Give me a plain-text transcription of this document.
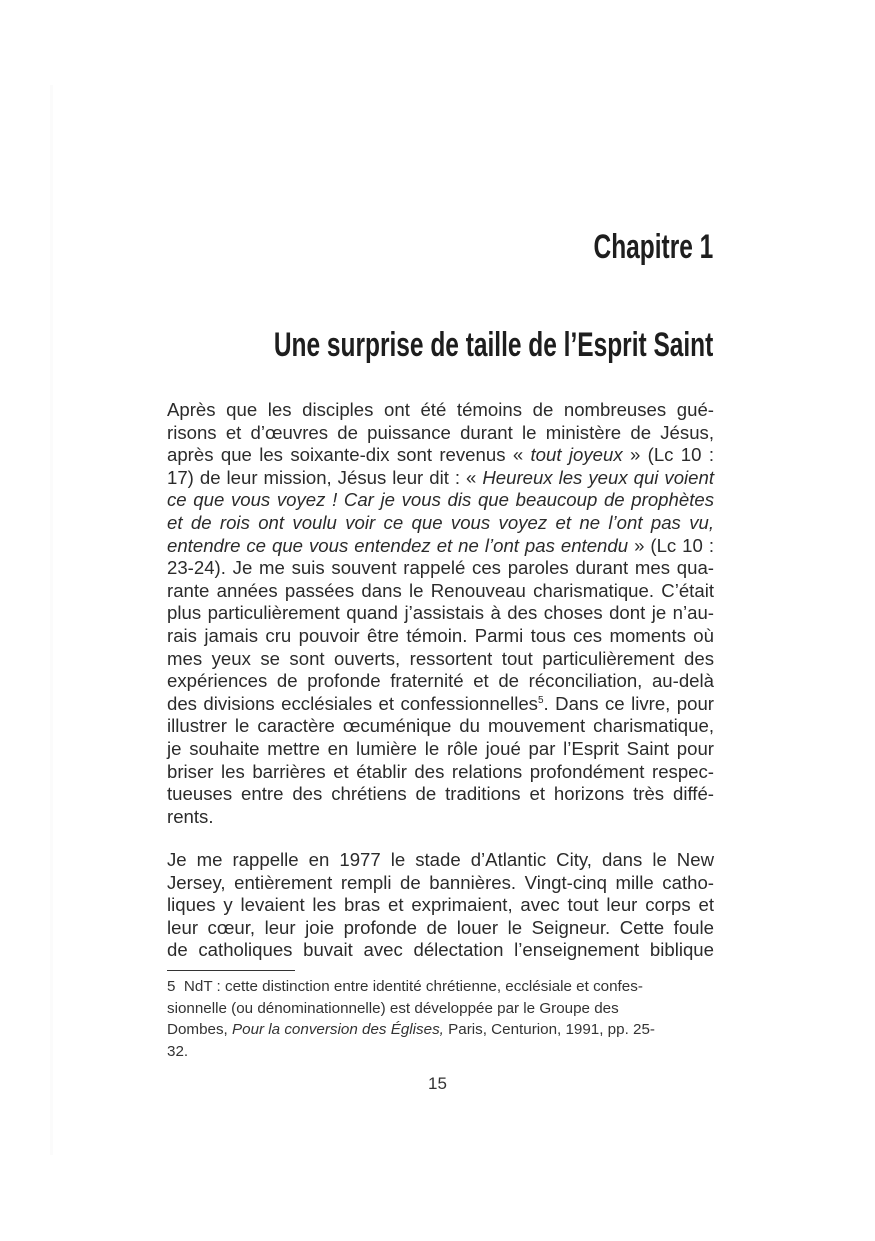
Chapitre 1
Une surprise de taille de l’Esprit Saint
Après que les disciples ont été témoins de nombreuses gué-
risons et d’œuvres de puissance durant le ministère de Jésus,
après que les soixante-dix sont revenus « tout joyeux » (Lc 10 :
17) de leur mission, Jésus leur dit : « Heureux les yeux qui voient
ce que vous voyez ! Car je vous dis que beaucoup de prophètes
et de rois ont voulu voir ce que vous voyez et ne l’ont pas vu,
entendre ce que vous entendez et ne l’ont pas entendu » (Lc 10 :
23-24). Je me suis souvent rappelé ces paroles durant mes qua-
rante années passées dans le Renouveau charismatique. C’était
plus particulièrement quand j’assistais à des choses dont je n’au-
rais jamais cru pouvoir être témoin. Parmi tous ces moments où
mes yeux se sont ouverts, ressortent tout particulièrement des
expériences de profonde fraternité et de réconciliation, au-delà
des divisions ecclésiales et confessionnelles$^5$. Dans ce livre, pour
illustrer le caractère œcuménique du mouvement charismatique,
je souhaite mettre en lumière le rôle joué par l’Esprit Saint pour
briser les barrières et établir des relations profondément respec-
tueuses entre des chrétiens de traditions et horizons très diffé-
rents.
Je me rappelle en 1977 le stade d’Atlantic City, dans le New
Jersey, entièrement rempli de bannières. Vingt-cinq mille catho-
liques y levaient les bras et exprimaient, avec tout leur corps et
leur cœur, leur joie profonde de louer le Seigneur. Cette foule
de catholiques buvait avec délectation l’enseignement biblique
5 NdT : cette distinction entre identité chrétienne, ecclésiale et confes-
sionnelle (ou dénominationnelle) est développée par le Groupe des
Dombes, Pour la conversion des Églises, Paris, Centurion, 1991, pp. 25-
32.
15
